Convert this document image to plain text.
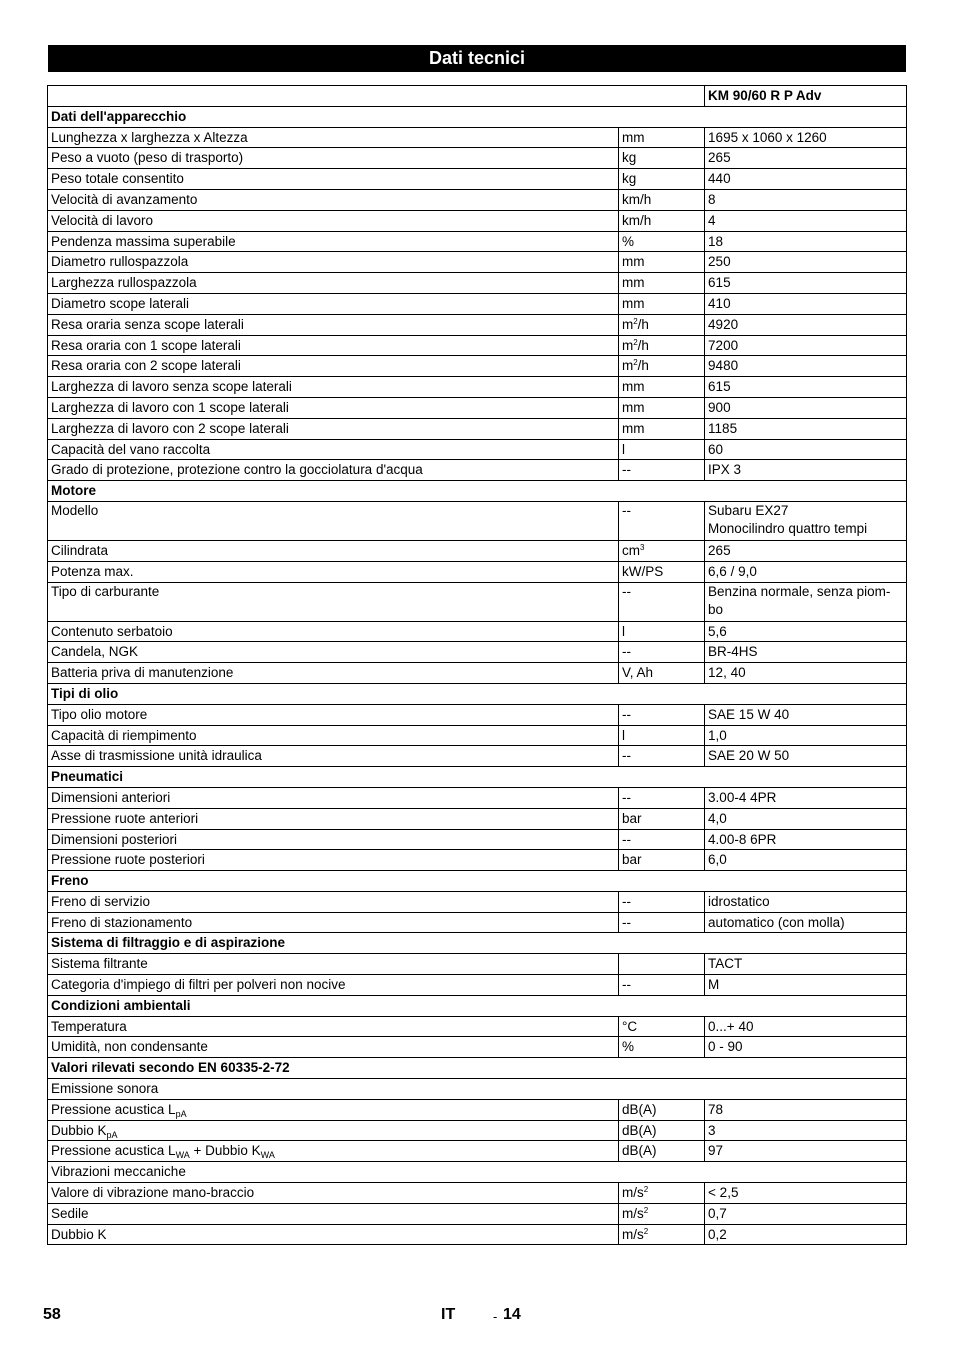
Dati tecnici
		KM 90/60 R P Adv
Dati dell'apparecchio		
Lunghezza x larghezza x Altezza	mm	1695 x 1060 x 1260
Peso a vuoto (peso di trasporto)	kg	265
Peso totale consentito	kg	440
Velocità di avanzamento	km/h	8
Velocità di lavoro	km/h	4
Pendenza massima superabile	%	18
Diametro rullospazzola	mm	250
Larghezza rullospazzola	mm	615
Diametro scope laterali	mm	410
Resa oraria senza scope laterali	$m^2/h$	4920
Resa oraria con 1 scope laterali	$m^2/h$	7200
Resa oraria con 2 scope laterali	$m^2/h$	9480
Larghezza di lavoro senza scope laterali	mm	615
Larghezza di lavoro con 1 scope laterali	mm	900
Larghezza di lavoro con 2 scope laterali	mm	1185
Capacità del vano raccolta	l	60
Grado di protezione, protezione contro la gocciolatura d'acqua	--	IPX 3
Motore		
Modello	--	Subaru EX27
Monocilindro quattro tempi
Cilindrata	$cm^3$	265
Potenza max.	kW/PS	6,6 / 9,0
Tipo di carburante	--	Benzina normale, senza piom-
bo
Contenuto serbatoio	l	5,6
Candela, NGK	--	BR-4HS
Batteria priva di manutenzione	V, Ah	12, 40
Tipi di olio		
Tipo olio motore	--	SAE 15 W 40
Capacità di riempimento	l	1,0
Asse di trasmissione unità idraulica	--	SAE 20 W 50
Pneumatici		
Dimensioni anteriori	--	3.00-4 4PR
Pressione ruote anteriori	bar	4,0
Dimensioni posteriori	--	4.00-8 6PR
Pressione ruote posteriori	bar	6,0
Freno		
Freno di servizio	--	idrostatico
Freno di stazionamento	--	automatico (con molla)
Sistema di filtraggio e di aspirazione		
Sistema filtrante		TACT
Categoria d'impiego di filtri per polveri non nocive	--	M
Condizioni ambientali		
Temperatura	°C	0...+ 40
Umidità, non condensante	%	0 - 90
Valori rilevati secondo EN 60335-2-72		
Emissione sonora		
Pressione acustica $L_{pA}$	dB(A)	78
Dubbio $K_{pA}$	dB(A)	3
Pressione acustica $L_{WA}$ + Dubbio $K_{WA}$	dB(A)	97
Vibrazioni meccaniche		
Valore di vibrazione mano-braccio	$m/s^2$	< 2,5
Sedile	$m/s^2$	0,7
Dubbio K	$m/s^2$	0,2
58	IT	- 14
